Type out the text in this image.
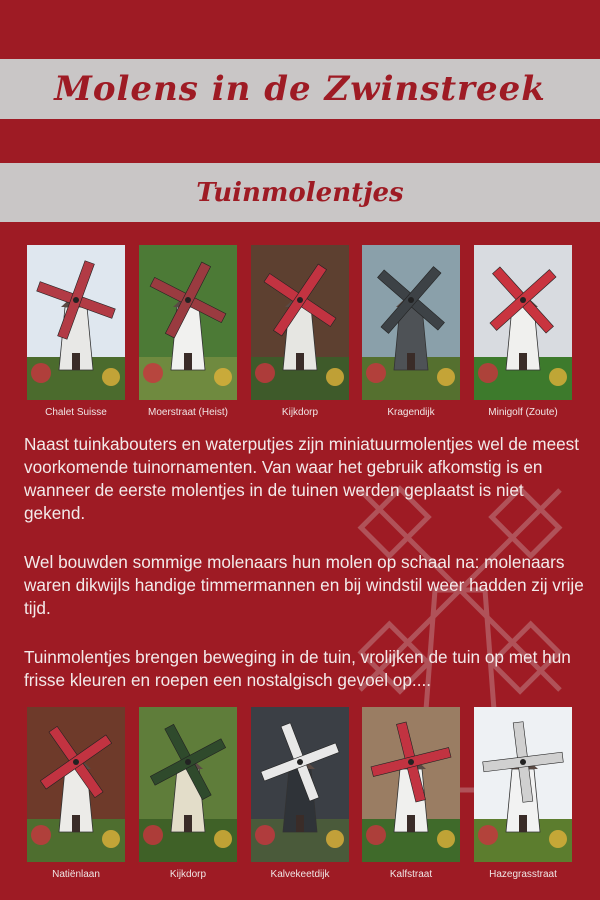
Molens in de Zwinstreek
Tuinmolentjes
Chalet Suisse	Moerstraat (Heist)	Kijkdorp	Kragendijk	Minigolf (Zoute)
Naast tuinkabouters en waterputjes zijn miniatuurmolentjes wel de meest voorkomende tuinornamenten. Van waar het gebruik afkomstig is en wanneer de eerste molentjes in de tuinen werden geplaatst is niet gekend.
Wel bouwden sommige molenaars hun molen op schaal na: molenaars waren dikwijls handige timmermannen en bij windstil weer hadden zij vrije tijd.
Tuinmolentjes brengen beweging in de tuin, vrolijken de tuin op met hun frisse kleuren en roepen een nostalgisch gevoel op....
Natiënlaan	Kijkdorp	Kalvekeetdijk	Kalfstraat	Hazegrasstraat
